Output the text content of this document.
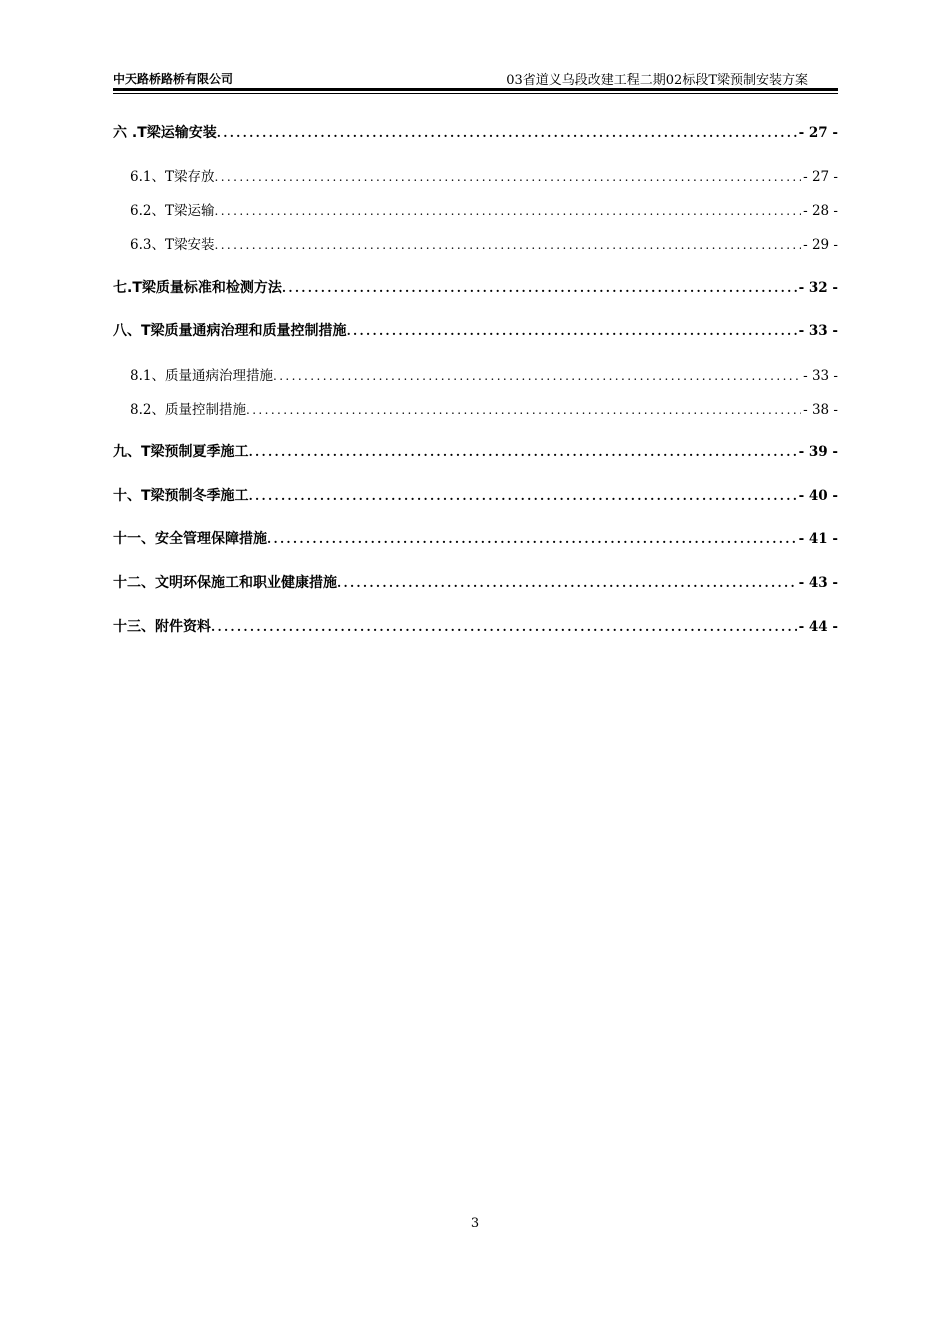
中天路桥路桥有限公司	03省道义乌段改建工程二期02标段T梁预制安装方案
六 .T梁运输安装 .....	- 27 -
6.1、T梁存放 .....	- 27 -
6.2、T梁运输 .....	- 28 -
6.3、T梁安装 .....	- 29 -
七.T梁质量标准和检测方法 .....	- 32 -
八、T梁质量通病治理和质量控制措施 .....	- 33 -
8.1、质量通病治理措施 .....	- 33 -
8.2、质量控制措施 .....	- 38 -
九、T梁预制夏季施工 .....	- 39 -
十、T梁预制冬季施工 .....	- 40 -
十一、安全管理保障措施 .....	- 41 -
十二、文明环保施工和职业健康措施 .....	- 43 -
十三、附件资料 .....	- 44 -
3
